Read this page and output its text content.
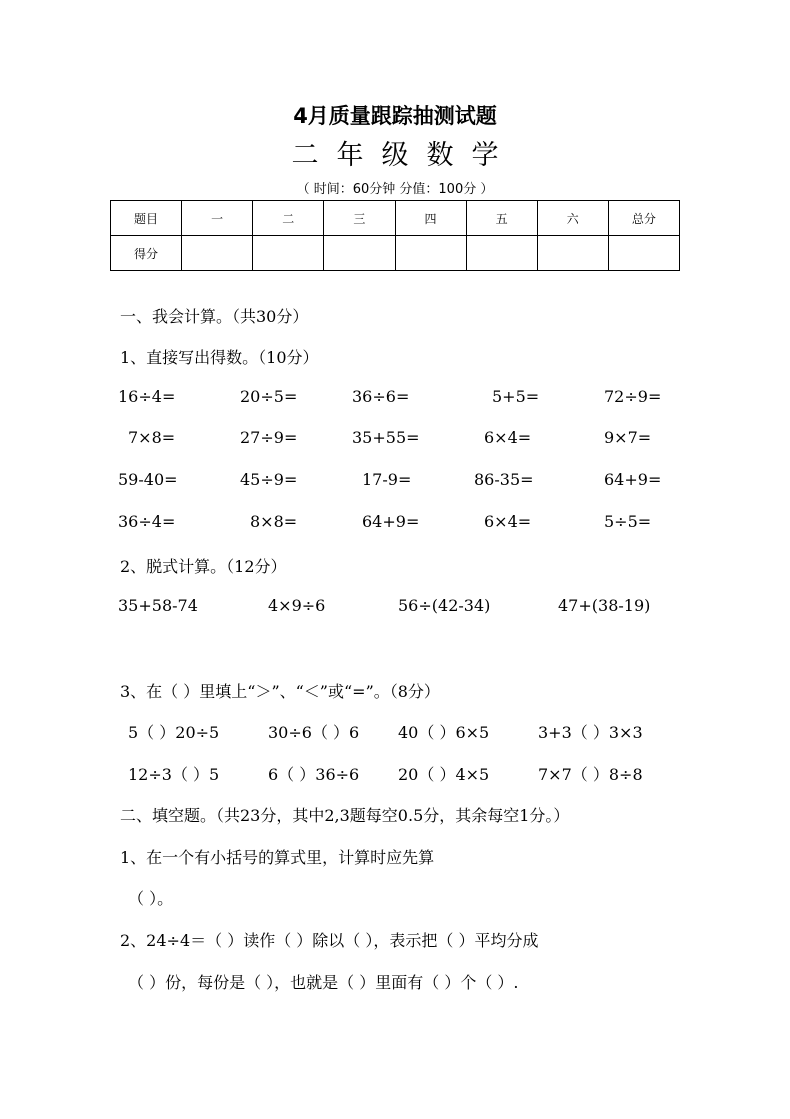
4月质量跟踪抽测试题
二年级数学
（ 时间：60分钟 分值：100分 ）
题目	一	二	三	四	五	六	总分
得分							
一、我会计算。（共30分）
1、直接写出得数。（10分）
16÷4=	20÷5=	36÷6=	5+5=	72÷9=
7×8=	27÷9=	35+55=	6×4=	9×7=
59-40=	45÷9=	17-9=	86-35=	64+9=
36÷4=	8×8=	64+9=	6×4=	5÷5=
2、脱式计算。（12分）
35+58-74	4×9÷6	56÷(42-34)	47+(38-19)
3、在（ ）里填上“＞”、“＜”或“=”。（8分）
5（ ）20÷5	30÷6（ ）6 40（ ）6×5	3+3（ ）3×3
12÷3（ ）5	6（ ）36÷6 20（ ）4×5	7×7（ ）8÷8
二、填空题。（共23分，其中2,3题每空0.5分，其余每空1分。）
1、在一个有小括号的算式里，计算时应先算
（ ）。
2、24÷4＝（ ）读作（ ）除以（ ），表示把（ ）平均分成
（ ）份，每份是（ ），也就是（ ）里面有（ ）个（ ）.
